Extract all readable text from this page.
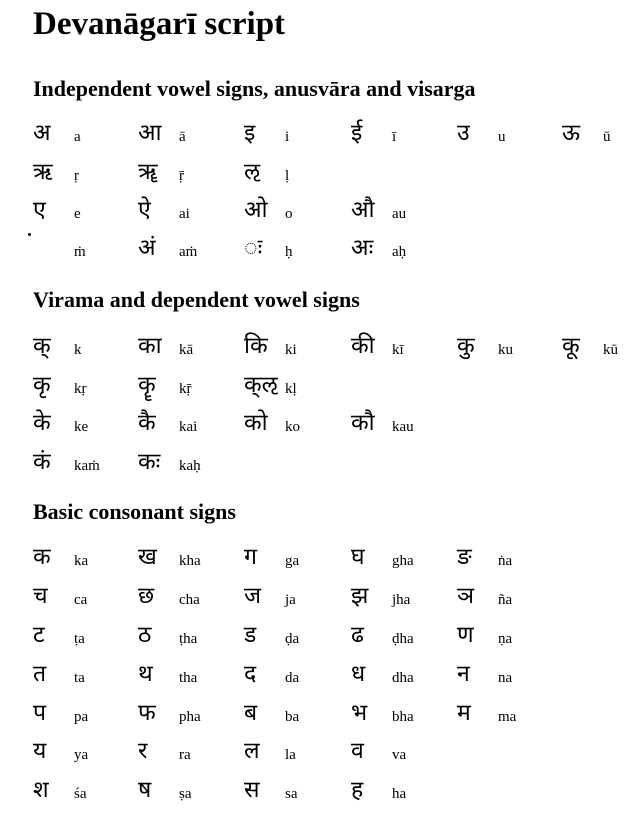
Devanāgarī script
Independent vowel signs, anusvāra and visarga
अ a आ ā	इ i	ई ī	उ u ऊ ū
ऋ ṛ	ॠ ṝ	ऌ ḷ
ए e ऐ ai ओ o	औ au
ṁ अं aṁ ः ḥ	अः aḥ
Virama and dependent vowel signs
क् k का kā कि ki की kī कु ku कू kū
कृ kṛ कॄ kṝ क्ऌ kḷ
के ke कै kai को ko कौ kau
कं kaṁ कः kaḥ
Basic consonant signs
क ka ख kha ग ga घ gha ङ ṅa
च ca छ cha ज ja झ jha ञ ña
ट ṭa ठ ṭha ड ḍa ढ ḍha ण ṇa
त ta थ tha द da ध dha न na
प pa फ pha ब ba भ bha म ma
य ya र ra ल la व va
श śa ष ṣa स sa ह ha
